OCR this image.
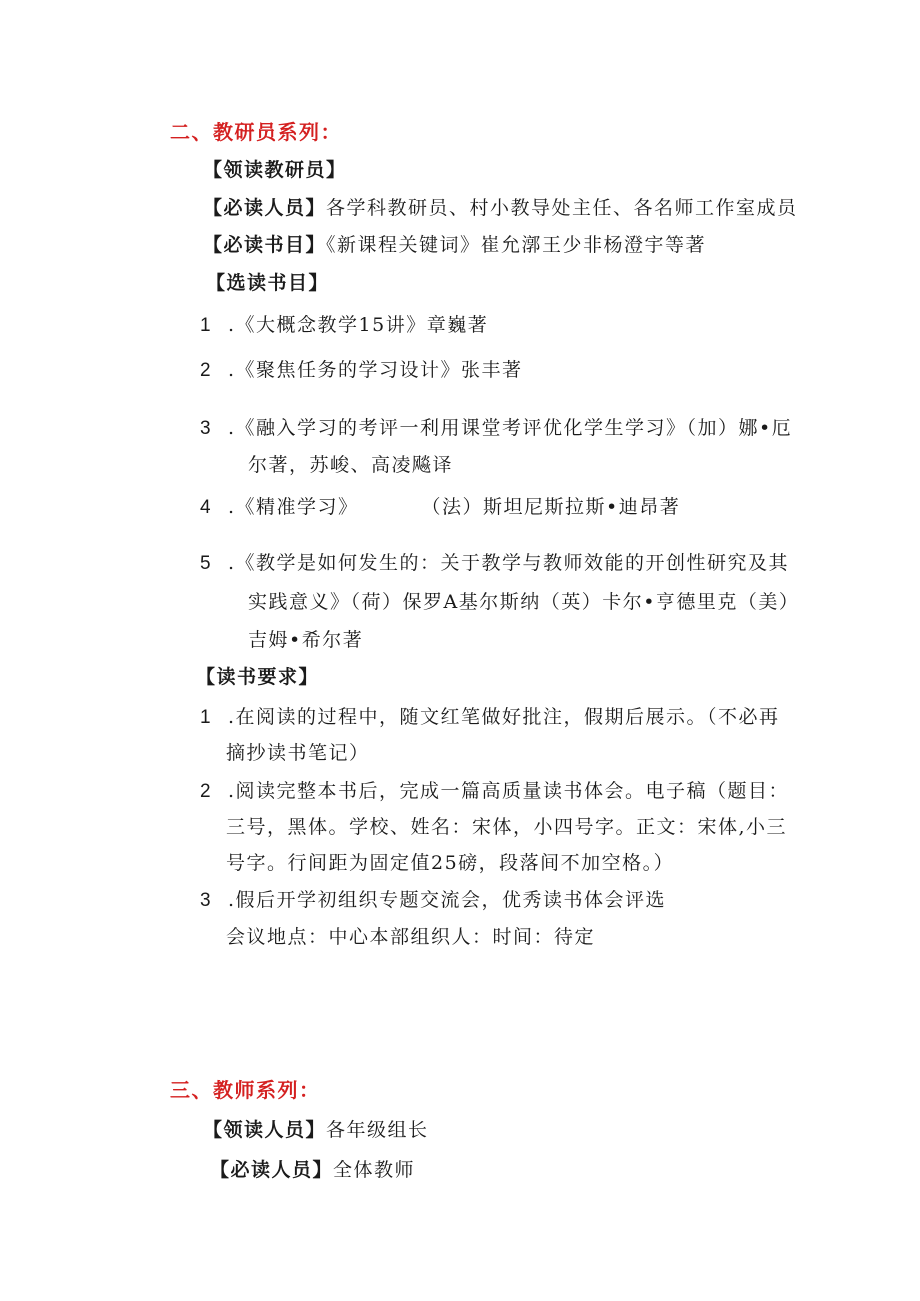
二、教研员系列：
【领读教研员】
【必读人员】各学科教研员、村小教导处主任、各名师工作室成员
【必读书目】《新课程关键词》崔允漷王少非杨澄宇等著
【选读书目】
1 .《大概念教学15讲》章巍著
2 .《聚焦任务的学习设计》张丰著
3 .《融入学习的考评一利用课堂考评优化学生学习》（加）娜•厄
尔著，苏峻、高凌飚译
4 .《精准学习》　　　　（法）斯坦尼斯拉斯•迪昂著
5 .《教学是如何发生的：关于教学与教师效能的开创性研究及其
实践意义》（荷）保罗A基尔斯纳（英）卡尔•亨德里克（美）
吉姆•希尔著
【读书要求】
1 .在阅读的过程中，随文红笔做好批注，假期后展示。（不必再
摘抄读书笔记）
2 .阅读完整本书后，完成一篇高质量读书体会。电子稿（题目：
三号，黑体。学校、姓名：宋体，小四号字。正文：宋体,小三
号字。行间距为固定值25磅，段落间不加空格。）
3 .假后开学初组织专题交流会，优秀读书体会评选
会议地点：中心本部组织人：时间：待定
三、教师系列：
【领读人员】各年级组长
【必读人员】全体教师
